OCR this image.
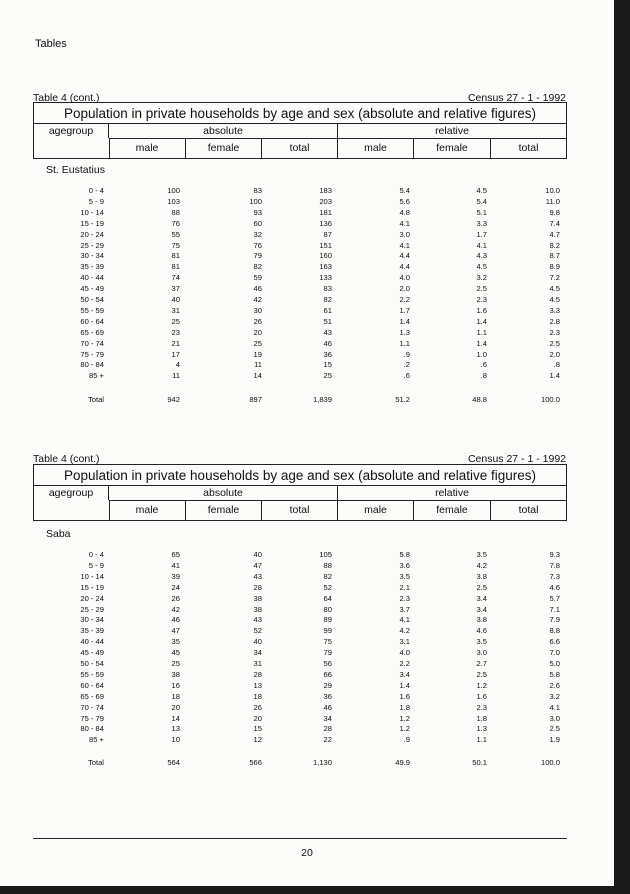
Tables
Table 4 (cont.)	Census 27 - 1 - 1992
Population in private households by age and sex (absolute and relative figures)
agegroup	absolute	relative
male	female	total	male	female	total
St. Eustatius
0 - 4	100	83	183	5.4	4.5	10.0
5 - 9	103	100	203	5.6	5.4	11.0
10 - 14	88	93	181	4.8	5.1	9.8
15 - 19	76	60	136	4.1	3.3	7.4
20 - 24	55	32	87	3.0	1.7	4.7
25 - 29	75	76	151	4.1	4.1	8.2
30 - 34	81	79	160	4.4	4.3	8.7
35 - 39	81	82	163	4.4	4.5	8.9
40 - 44	74	59	133	4.0	3.2	7.2
45 - 49	37	46	83	2.0	2.5	4.5
50 - 54	40	42	82	2.2	2.3	4.5
55 - 59	31	30	61	1.7	1.6	3.3
60 - 64	25	26	51	1.4	1.4	2.8
65 - 69	23	20	43	1.3	1.1	2.3
70 - 74	21	25	46	1.1	1.4	2.5
75 - 79	17	19	36	.9	1.0	2.0
80 - 84	4	11	15	.2	.6	.8
85 +	11	14	25	.6	.8	1.4
Total	942	897	1,839	51.2	48.8	100.0
Table 4 (cont.)	Census 27 - 1 - 1992
Population in private households by age and sex (absolute and relative figures)
agegroup	absolute	relative
male	female	total	male	female	total
Saba
0 - 4	65	40	105	5.8	3.5	9.3
5 - 9	41	47	88	3.6	4.2	7.8
10 - 14	39	43	82	3.5	3.8	7.3
15 - 19	24	28	52	2.1	2.5	4.6
20 - 24	26	38	64	2.3	3.4	5.7
25 - 29	42	38	80	3.7	3.4	7.1
30 - 34	46	43	89	4.1	3.8	7.9
35 - 39	47	52	99	4.2	4.6	8.8
40 - 44	35	40	75	3.1	3.5	6.6
45 - 49	45	34	79	4.0	3.0	7.0
50 - 54	25	31	56	2.2	2.7	5.0
55 - 59	38	28	66	3.4	2.5	5.8
60 - 64	16	13	29	1.4	1.2	2.6
65 - 69	18	18	36	1.6	1.6	3.2
70 - 74	20	26	46	1.8	2.3	4.1
75 - 79	14	20	34	1.2	1.8	3.0
80 - 84	13	15	28	1.2	1.3	2.5
85 +	10	12	22	.9	1.1	1.9
Total	564	566	1,130	49.9	50.1	100.0
20
